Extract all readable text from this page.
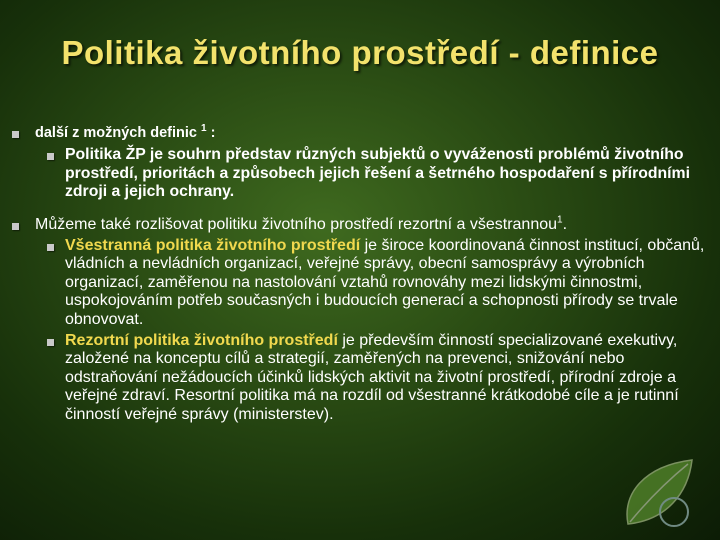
Politika životního prostředí - definice
další z možných definic $^1$ :
Politika ŽP je souhrn představ různých subjektů o vyváženosti problémů životního prostředí, prioritách a způsobech jejich řešení a šetrného hospodaření s přírodními zdroji a jejich ochrany.
Můžeme také rozlišovat politiku životního prostředí rezortní a všestrannou$^1$.
Všestranná politika životního prostředí je široce koordinovaná činnost institucí, občanů, vládních a nevládních organizací, veřejné správy, obecní samosprávy a výrobních organizací, zaměřenou na nastolování vztahů rovnováhy mezi lidskými činnostmi, uspokojováním potřeb současných i budoucích generací a schopnosti přírody se trvale obnovovat.
Rezortní politika životního prostředí je především činností specializované exekutivy, založené na konceptu cílů a strategií, zaměřených na prevenci, snižování nebo odstraňování nežádoucích účinků lidských aktivit na životní prostředí, přírodní zdroje a veřejné zdraví. Resortní politika má na rozdíl od všestranné krátkodobé cíle a je rutinní činností veřejné správy (ministerstev).
